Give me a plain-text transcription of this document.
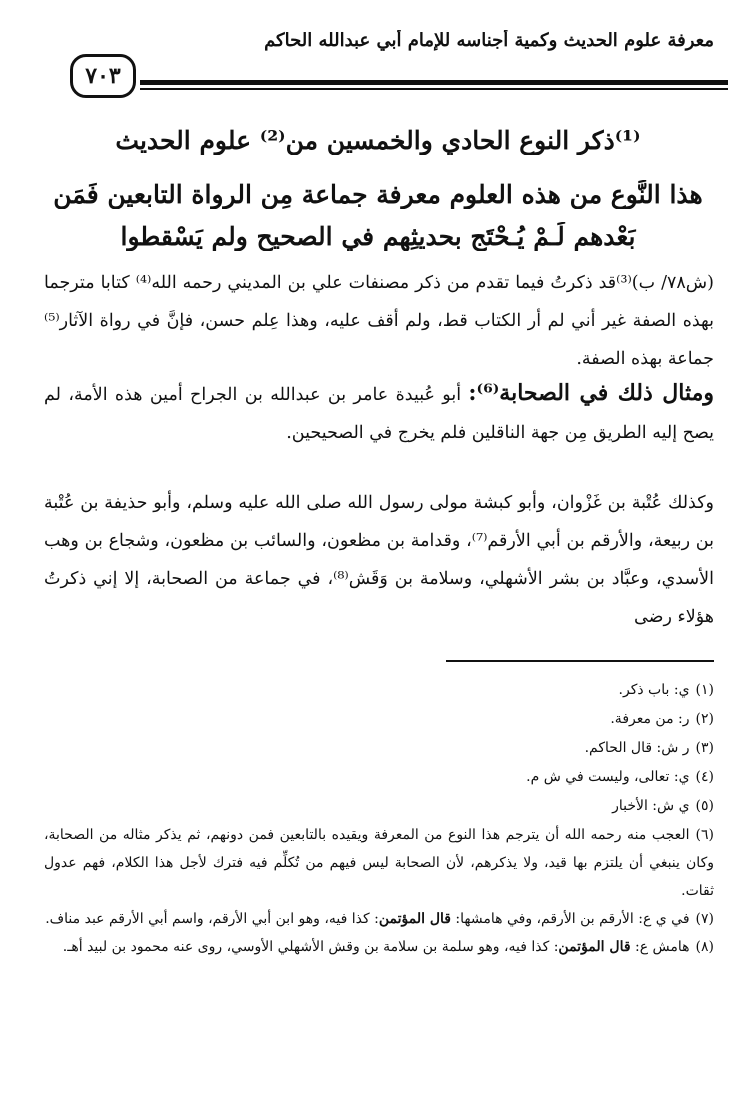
معرفة علوم الحديث وكمية أجناسه للإمام أبي عبدالله الحاكم
٧٠٣
⁽¹⁾ذكر النوع الحادي والخمسين من⁽²⁾ علوم الحديث
هذا النَّوع من هذه العلوم معرفة جماعة مِن الرواة التابعين فَمَن
بَعْدهم لَـمْ يُـحْتَج بحديثِهم في الصحيح ولم يَسْقطوا
(ش٧٨/ ب)⁽³⁾قد ذكرتُ فيما تقدم من ذكر مصنفات علي بن المديني رحمه الله⁽⁴⁾ كتابا مترجما بهذه الصفة غير أني لم أر الكتاب قط، ولم أقف عليه، وهذا عِلم حسن، فإنَّ في رواة الآثار⁽⁵⁾ جماعة بهذه الصفة.
ومثال ذلك في الصحابة⁽⁶⁾: أبو عُبيدة عامر بن عبدالله بن الجراح أمين هذه الأمة، لم يصح إليه الطريق مِن جهة الناقلين فلم يخرج في الصحيحين.
وكذلك عُتْبة بن غَزْوان، وأبو كبشة مولى رسول الله صلى الله عليه وسلم، وأبو حذيفة بن عُتْبة بن ربيعة، والأرقم بن أبي الأرقم⁽⁷⁾، وقدامة بن مظعون، والسائب بن مظعون، وشجاع بن وهب الأسدي، وعبَّاد بن بشر الأشهلي، وسلامة بن وَقَش⁽⁸⁾، في جماعة من الصحابة، إلا إني ذكرتُ هؤلاء رضى

(١)ي: باب ذكر.

(٢)ر: من معرفة.

(٣)ر ش: قال الحاكم.

(٤)ي: تعالى، وليست في ش م.

(٥)ي ش: الأخبار

(٦)العجب منه رحمه الله أن يترجم هذا النوع من المعرفة ويقيده بالتابعين فمن دونهم، ثم يذكر مثاله من الصحابة، وكان ينبغي أن يلتزم بها قيد، ولا يذكرهم، لأن الصحابة ليس فيهم من تُكلِّم فيه فترك لأجل هذا الكلام، فهم عدول ثقات.

(٧)في ي ع: الأرقم بن الأرقم، وفي هامشها: قال المؤتمن: كذا فيه، وهو ابن أبي الأرقم، واسم أبي الأرقم عبد مناف.

(٨)هامش ع: قال المؤتمن: كذا فيه، وهو سلمة بن سلامة بن وقش الأشهلي الأوسي، روى عنه محمود بن لبيد أهـ.
